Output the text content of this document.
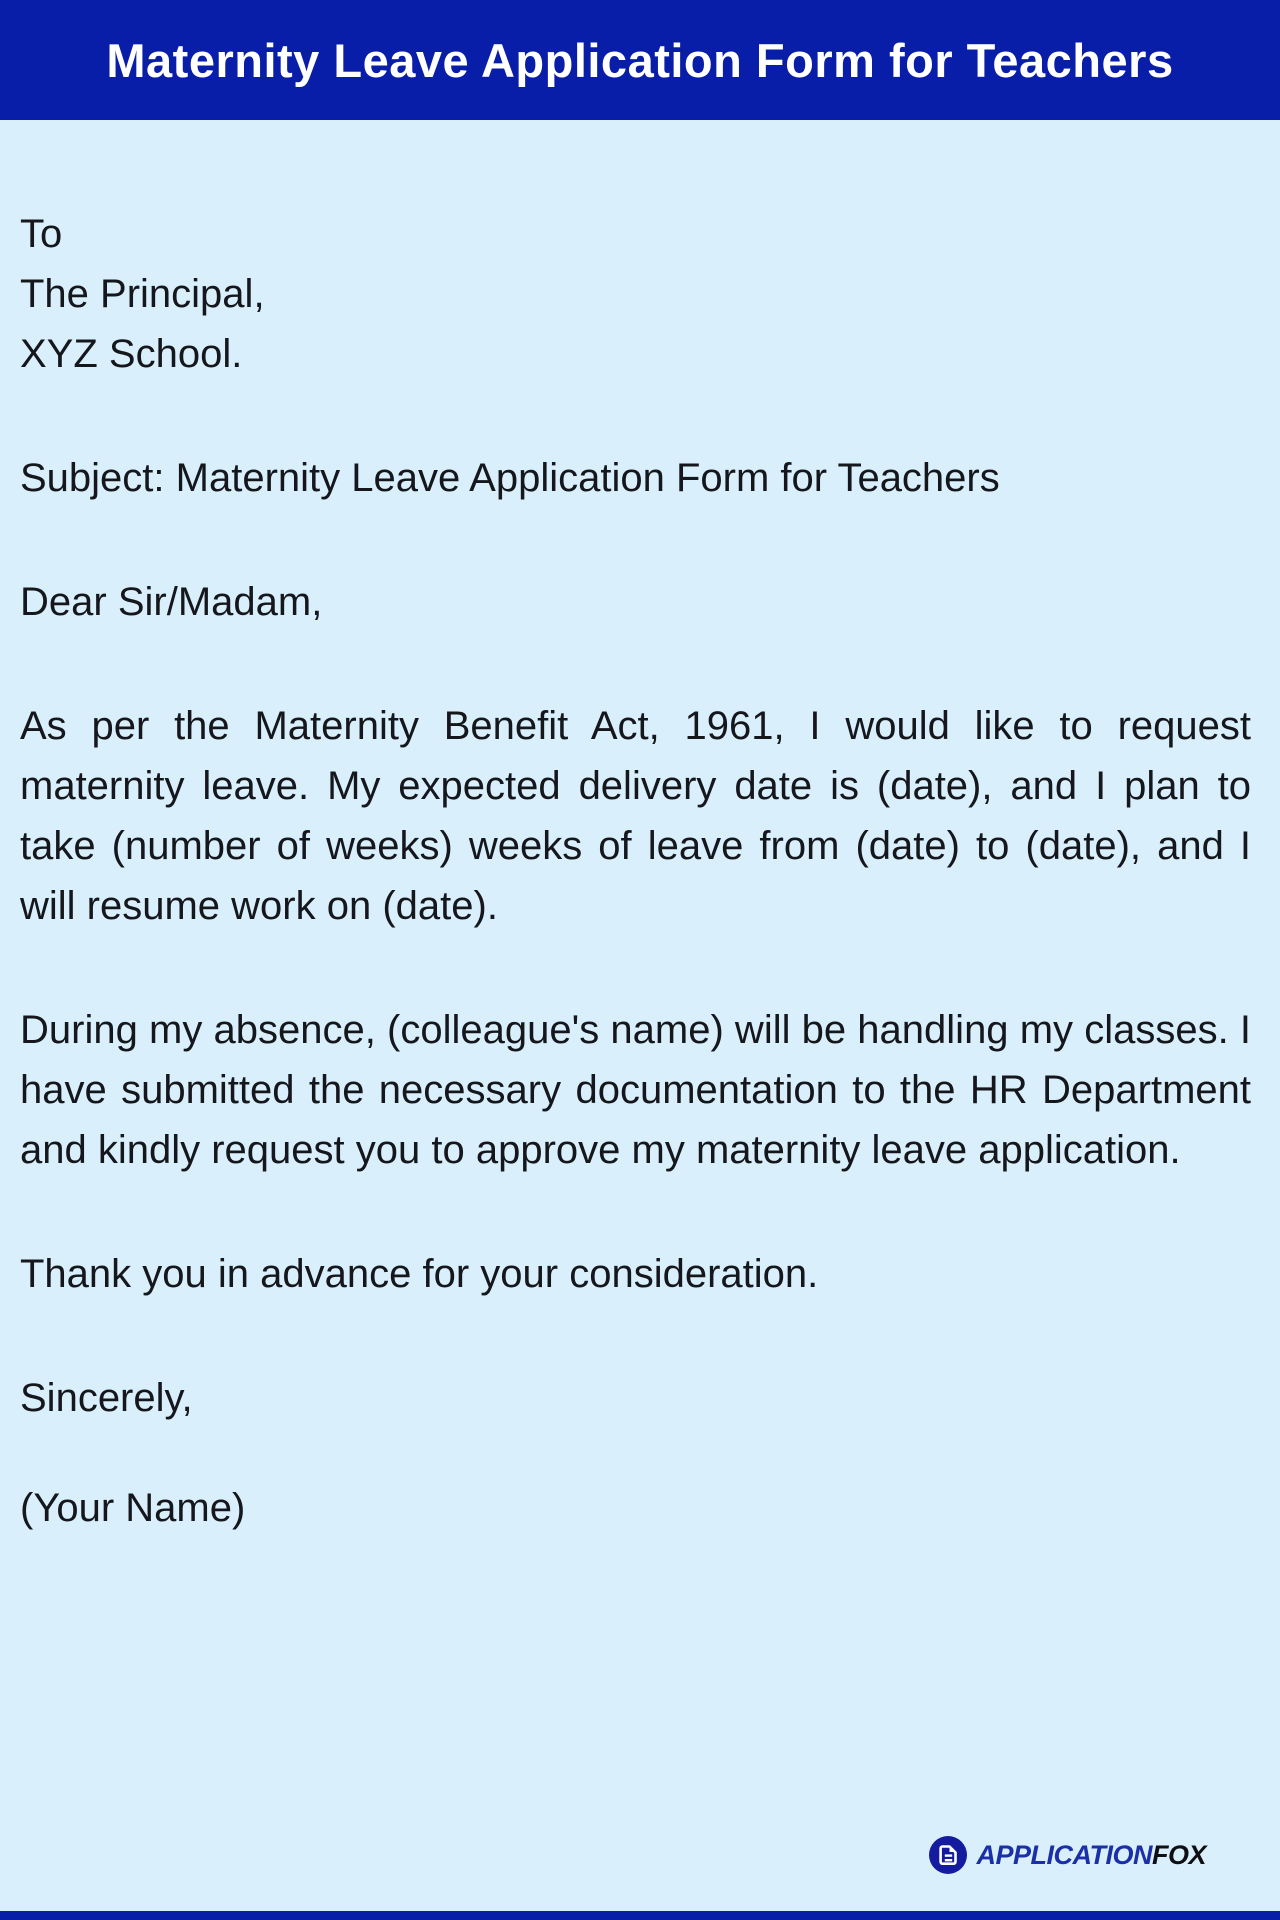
Maternity Leave Application Form for Teachers
To
The Principal,
XYZ School.

Subject: Maternity Leave Application Form for Teachers

Dear Sir/Madam,

As per the Maternity Benefit Act, 1961, I would like to request maternity leave. My expected delivery date is (date), and I plan to take (number of weeks) weeks of leave from (date) to (date), and I will resume work on (date).

During my absence, (colleague's name) will be handling my classes. I have submitted the necessary documentation to the HR Department and kindly request you to approve my maternity leave application.

Thank you in advance for your consideration.

Sincerely,

(Your Name)

APPLICATIONFOX
